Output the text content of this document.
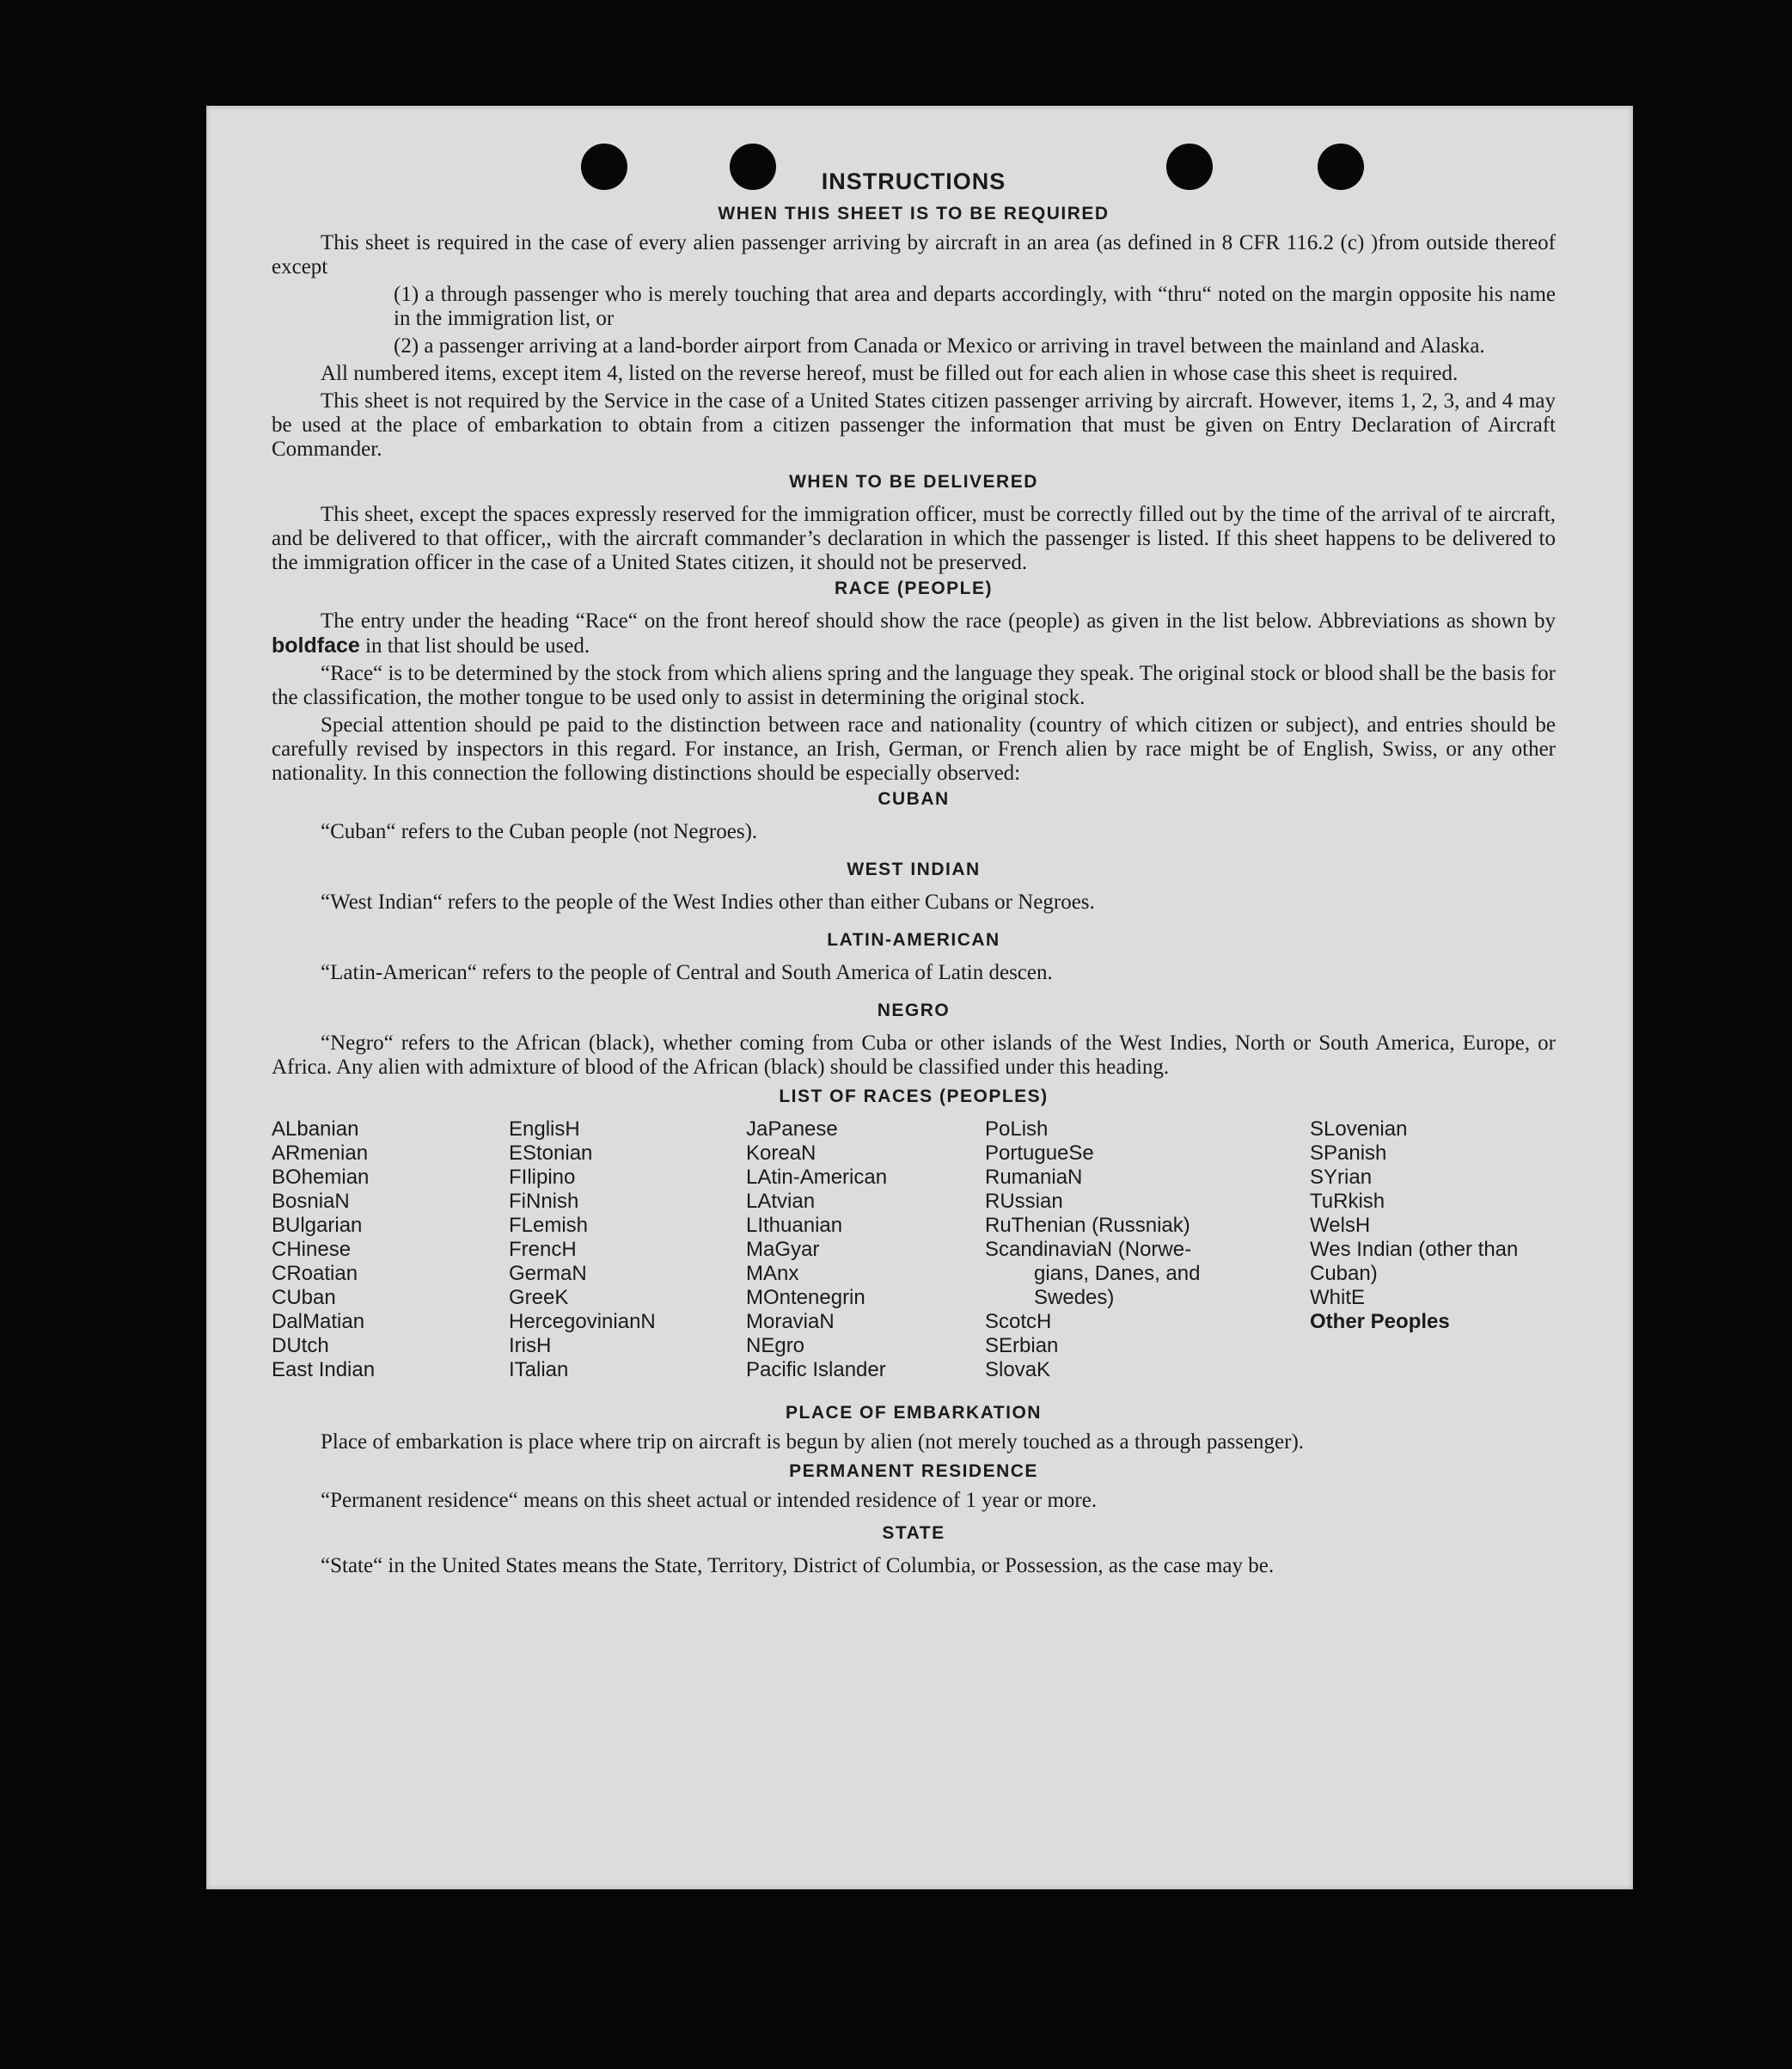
INSTRUCTIONS
WHEN THIS SHEET IS TO BE REQUIRED

This sheet is required in the case of every alien passenger arriving by aircraft in an area (as defined in 8 CFR 116.2 (c) )from outside thereof except

(1) a through passenger who is merely touching that area and departs accordingly, with “thru“ noted on the margin opposite his name in the immigration list, or
(2) a passenger arriving at a land-border airport from Canada or Mexico or arriving in travel between the mainland and Alaska.

All numbered items, except item 4, listed on the reverse hereof, must be filled out for each alien in whose case this sheet is required.

This sheet is not required by the Service in the case of a United States citizen passenger arriving by aircraft. However, items 1, 2, 3, and 4 may be used at the place of embarkation to obtain from a citizen passenger the information that must be given on Entry Declaration of Aircraft Commander.

WHEN TO BE DELIVERED

This sheet, except the spaces expressly reserved for the immigration officer, must be correctly filled out by the time of the arrival of te aircraft, and be delivered to that officer,, with the aircraft commander’s declaration in which the passenger is listed. If this sheet happens to be delivered to the immigration officer in the case of a United States citizen, it should not be preserved.

RACE (PEOPLE)

The entry under the heading “Race“ on the front hereof should show the race (people) as given in the list below. Abbreviations as shown by boldface in that list should be used.

“Race“ is to be determined by the stock from which aliens spring and the language they speak. The original stock or blood shall be the basis for the classification, the mother tongue to be used only to assist in determining the original stock.

Special attention should pe paid to the distinction between race and nationality (country of which citizen or subject), and entries should be carefully revised by inspectors in this regard. For instance, an Irish, German, or French alien by race might be of English, Swiss, or any other nationality. In this connection the following distinctions should be especially observed:

CUBAN

“Cuban“ refers to the Cuban people (not Negroes).

WEST INDIAN

“West Indian“ refers to the people of the West Indies other than either Cubans or Negroes.

LATIN-AMERICAN

“Latin-American“ refers to the people of Central and South America of Latin descen.

NEGRO

“Negro“ refers to the African (black), whether coming from Cuba or other islands of the West Indies, North or South America, Europe, or Africa. Any alien with admixture of blood of the African (black) should be classified under this heading.

LIST OF RACES (PEOPLES)
ALbanian
ARmenian
BOhemian
BosniaN
BUlgarian
CHinese
CRoatian
CUban
DalMatian
DUtch
East Indian
EnglisH
EStonian
FIlipino
FiNnish
FLemish
FrencH
GermaN
GreeK
HercegovinianN
IrisH
ITalian
JaPanese
KoreaN
LAtin-American
LAtvian
LIthuanian
MaGyar
MAnx
MOntenegrin
MoraviaN
NEgro
Pacific Islander
PoLish
PortugueSe
RumaniaN
RUssian
RuThenian (Russniak)
ScandinaviaN (Norwe-
gians, Danes, and
Swedes)
ScotcH
SErbian
SlovaK
SLovenian
SPanish
SYrian
TuRkish
WelsH
Wes Indian (other than Cuban)
WhitE
Other Peoples
PLACE OF EMBARKATION

Place of embarkation is place where trip on aircraft is begun by alien (not merely touched as a through passenger).

PERMANENT RESIDENCE

“Permanent residence“ means on this sheet actual or intended residence of 1 year or more.

STATE

“State“ in the United States means the State, Territory, District of Columbia, or Possession, as the case may be.
